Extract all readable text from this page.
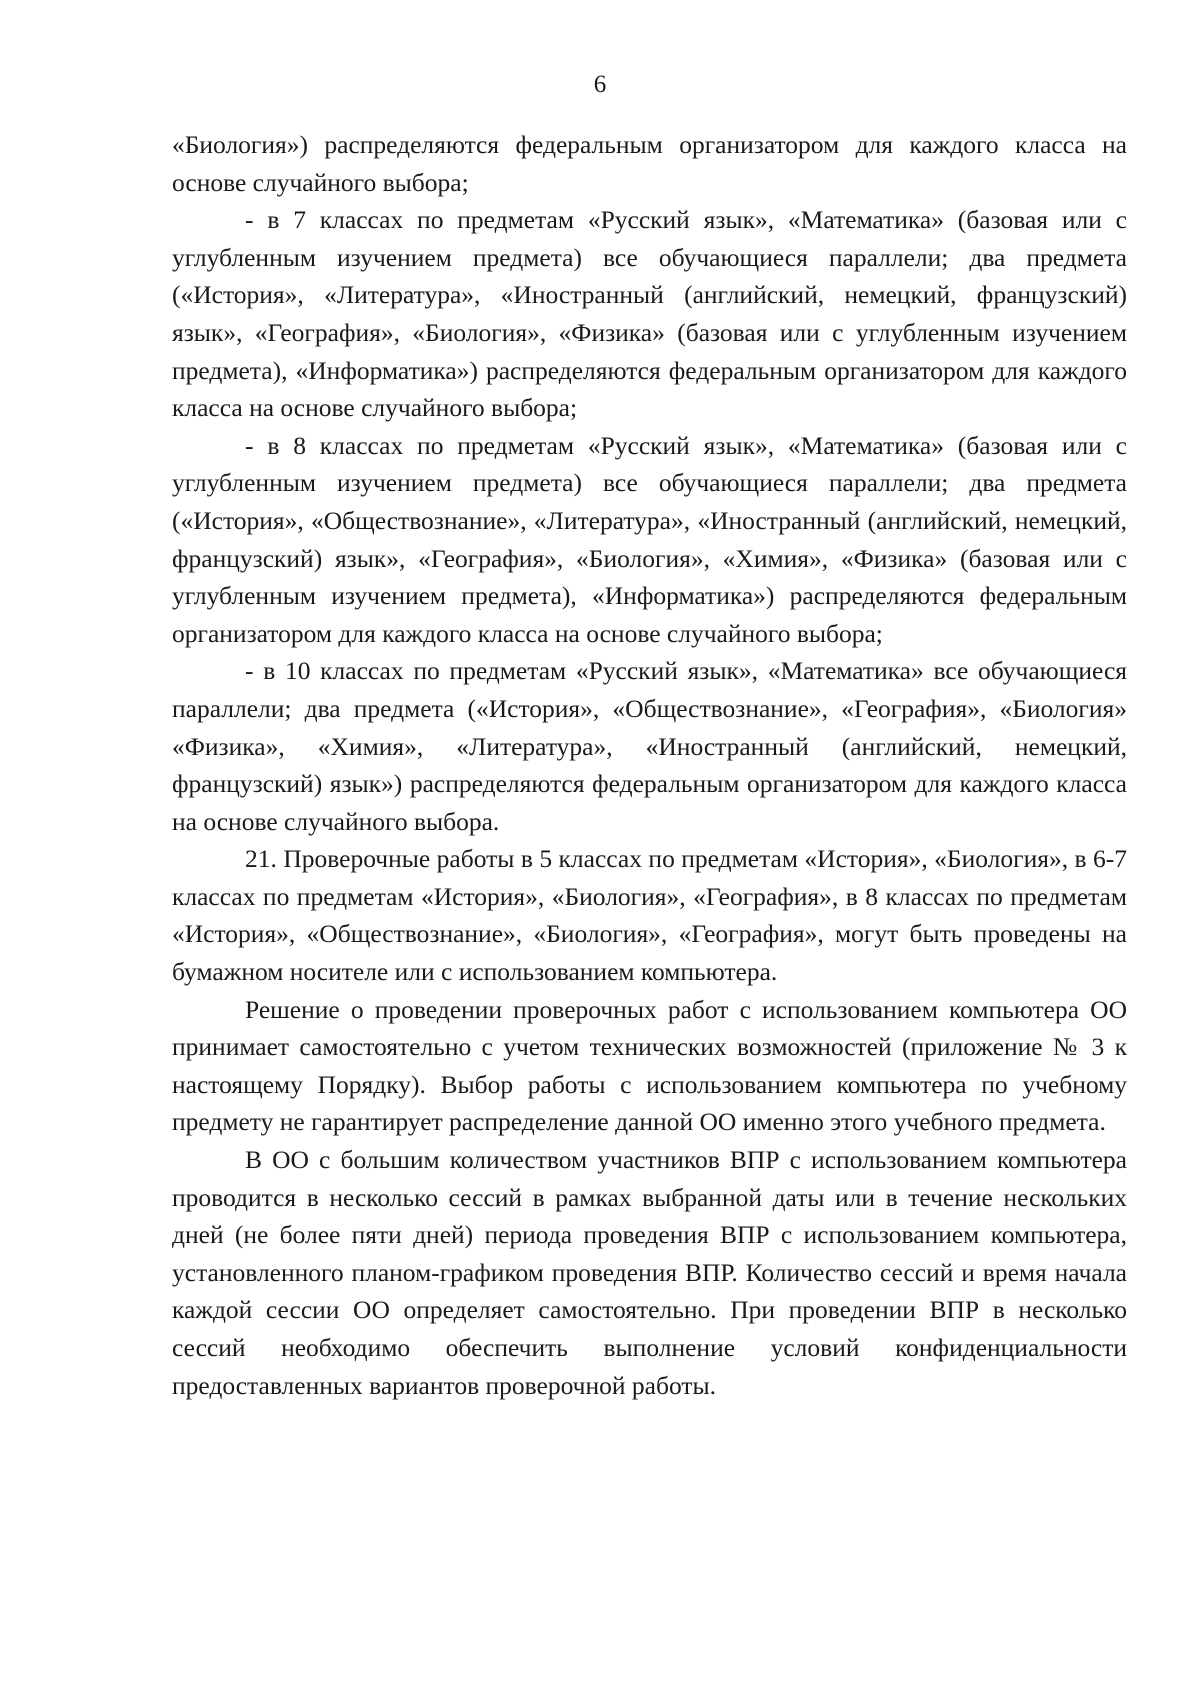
6

«Биология») распределяются федеральным организатором для каждого класса на основе случайного выбора;

- в 7 классах по предметам «Русский язык», «Математика» (базовая или с углубленным изучением предмета) все обучающиеся параллели; два предмета («История», «Литература», «Иностранный (английский, немецкий, французский) язык», «География», «Биология», «Физика» (базовая или с углубленным изучением предмета), «Информатика») распределяются федеральным организатором для каждого класса на основе случайного выбора;

- в 8 классах по предметам «Русский язык», «Математика» (базовая или с углубленным изучением предмета) все обучающиеся параллели; два предмета («История», «Обществознание», «Литература», «Иностранный (английский, немецкий, французский) язык», «География», «Биология», «Химия», «Физика» (базовая или с углубленным изучением предмета), «Информатика») распределяются федеральным организатором для каждого класса на основе случайного выбора;

- в 10 классах по предметам «Русский язык», «Математика» все обучающиеся параллели; два предмета («История», «Обществознание», «География», «Биология» «Физика», «Химия», «Литература», «Иностранный (английский, немецкий, французский) язык») распределяются федеральным организатором для каждого класса на основе случайного выбора.

21. Проверочные работы в 5 классах по предметам «История», «Биология», в 6-7 классах по предметам «История», «Биология», «География», в 8 классах по предметам «История», «Обществознание», «Биология», «География», могут быть проведены на бумажном носителе или с использованием компьютера.

Решение о проведении проверочных работ с использованием компьютера ОО принимает самостоятельно с учетом технических возможностей (приложение № 3 к настоящему Порядку). Выбор работы с использованием компьютера по учебному предмету не гарантирует распределение данной ОО именно этого учебного предмета.

В ОО с большим количеством участников ВПР с использованием компьютера проводится в несколько сессий в рамках выбранной даты или в течение нескольких дней (не более пяти дней) периода проведения ВПР с использованием компьютера, установленного планом-графиком проведения ВПР. Количество сессий и время начала каждой сессии ОО определяет самостоятельно. При проведении ВПР в несколько сессий необходимо обеспечить выполнение условий конфиденциальности предоставленных вариантов проверочной работы.
